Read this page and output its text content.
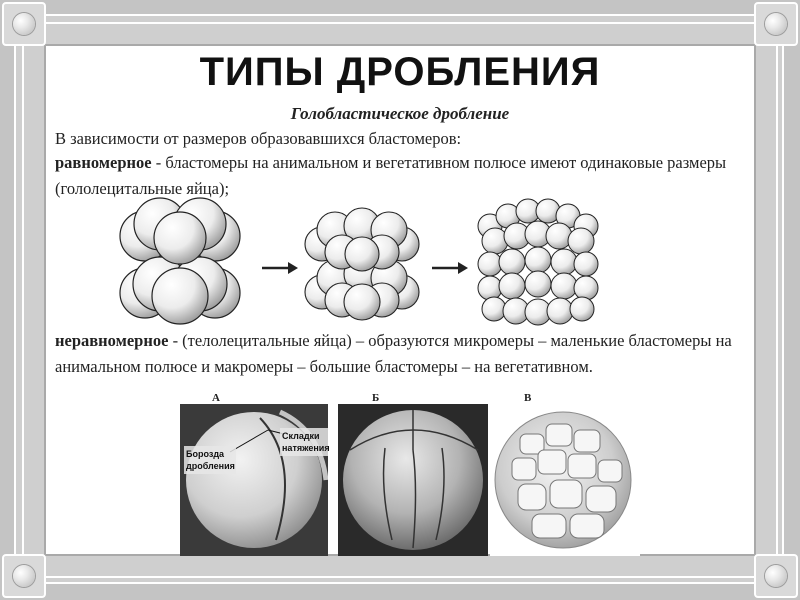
ТИПЫ ДРОБЛЕНИЯ
Голобластическое дробление
В зависимости от размеров образовавшихся бластомеров:
равномерное - бластомеры на анимальном и вегетативном полюсе имеют одинаковые размеры (гололецитальные яйца);
неравномерное - (телолецитальные яйца) – образуются микромеры – маленькие бластомеры на анимальном полюсе и макромеры – большие бластомеры – на вегетативном.
А	Б	В
Борозда
дробления
Складки
натяжения
